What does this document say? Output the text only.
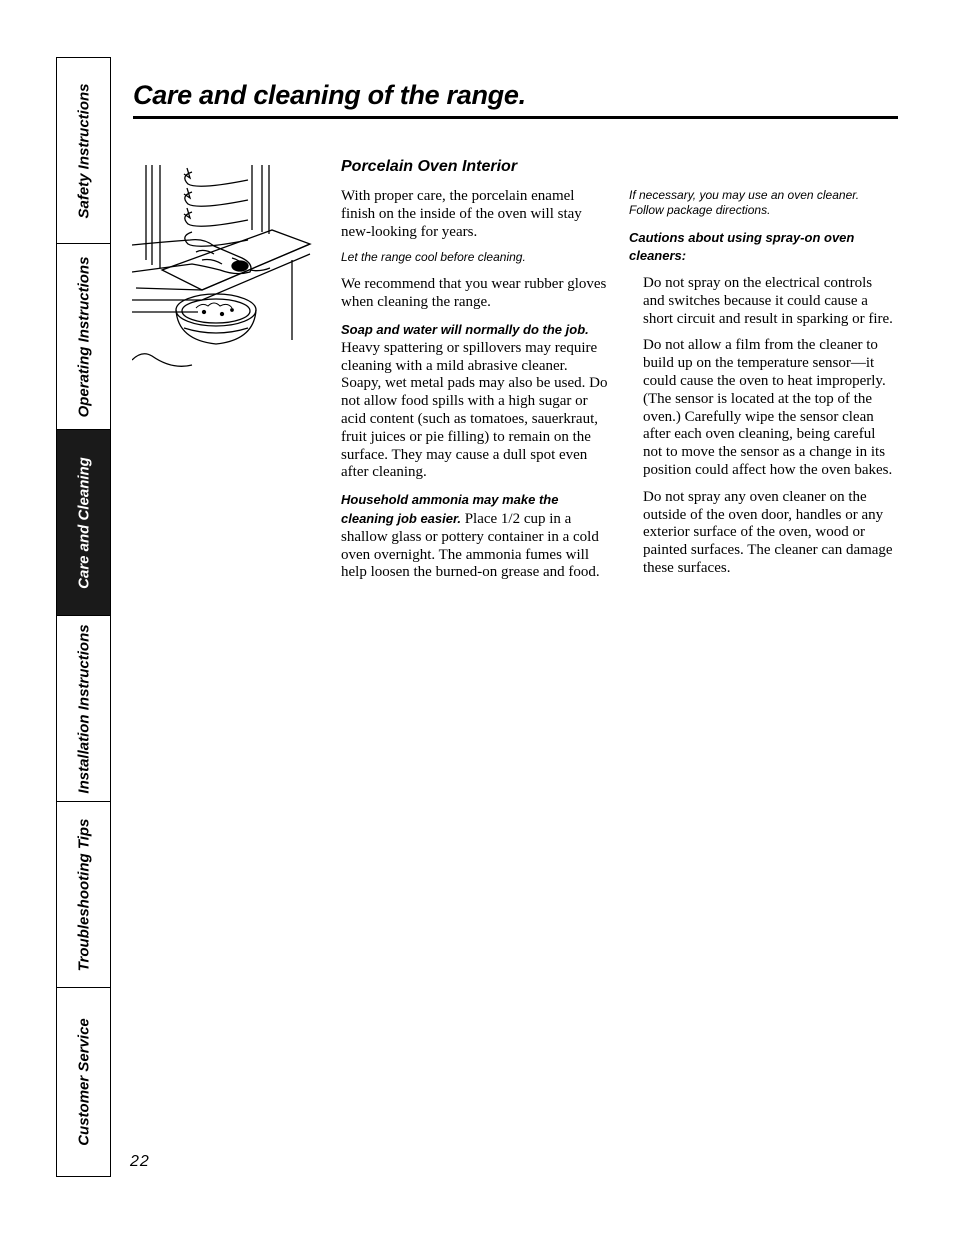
Safety Instructions
Operating Instructions
Care and Cleaning
Installation Instructions
Troubleshooting Tips
Customer Service
Care and cleaning of the range.
Porcelain Oven Interior

With proper care, the porcelain enamel finish on the inside of the oven will stay new-looking for years.

Let the range cool before cleaning.

We recommend that you wear rubber gloves when cleaning the range.

Soap and water will normally do the job. Heavy spattering or spillovers may require cleaning with a mild abrasive cleaner. Soapy, wet metal pads may also be used. Do not allow food spills with a high sugar or acid content (such as tomatoes, sauerkraut, fruit juices or pie filling) to remain on the surface. They may cause a dull spot even after cleaning.

Household ammonia may make the cleaning job easier. Place 1/2 cup in a shallow glass or pottery container in a cold oven overnight. The ammonia fumes will help loosen the burned-on grease and food.

If necessary, you may use an oven cleaner. Follow package directions.

Cautions about using spray-on oven cleaners:

Do not spray on the electrical controls and switches because it could cause a short circuit and result in sparking or fire.

Do not allow a film from the cleaner to build up on the temperature sensor—it could cause the oven to heat improperly. (The sensor is located at the top of the oven.) Carefully wipe the sensor clean after each oven cleaning, being careful not to move the sensor as a change in its position could affect how the oven bakes.

Do not spray any oven cleaner on the outside of the oven door, handles or any exterior surface of the oven, wood or painted surfaces. The cleaner can damage these surfaces.

22
